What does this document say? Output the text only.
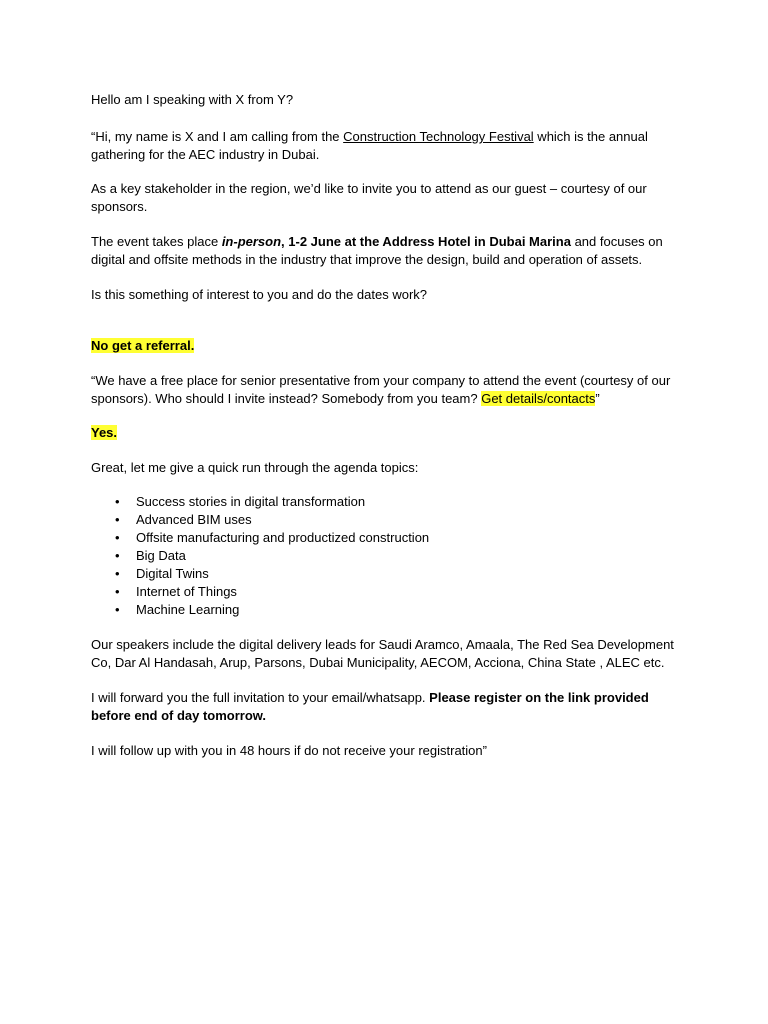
Hello am I speaking with X from Y?

“Hi, my name is X and I am calling from the Construction Technology Festival which is the annual gathering for the AEC industry in Dubai.

As a key stakeholder in the region, we’d like to invite you to attend as our guest – courtesy of our sponsors.

The event takes place in-person, 1-2 June at the Address Hotel in Dubai Marina and focuses on digital and offsite methods in the industry that improve the design, build and operation of assets.

Is this something of interest to you and do the dates work?

No get a referral.

“We have a free place for senior presentative from your company to attend the event (courtesy of our sponsors). Who should I invite instead? Somebody from you team? Get details/contacts”

Yes.

Great, let me give a quick run through the agenda topics:

• Success stories in digital transformation
• Advanced BIM uses
• Offsite manufacturing and productized construction
• Big Data
• Digital Twins
• Internet of Things
• Machine Learning

Our speakers include the digital delivery leads for Saudi Aramco, Amaala, The Red Sea Development Co, Dar Al Handasah, Arup, Parsons, Dubai Municipality, AECOM, Acciona, China State , ALEC etc.

I will forward you the full invitation to your email/whatsapp. Please register on the link provided before end of day tomorrow.

I will follow up with you in 48 hours if do not receive your registration”
